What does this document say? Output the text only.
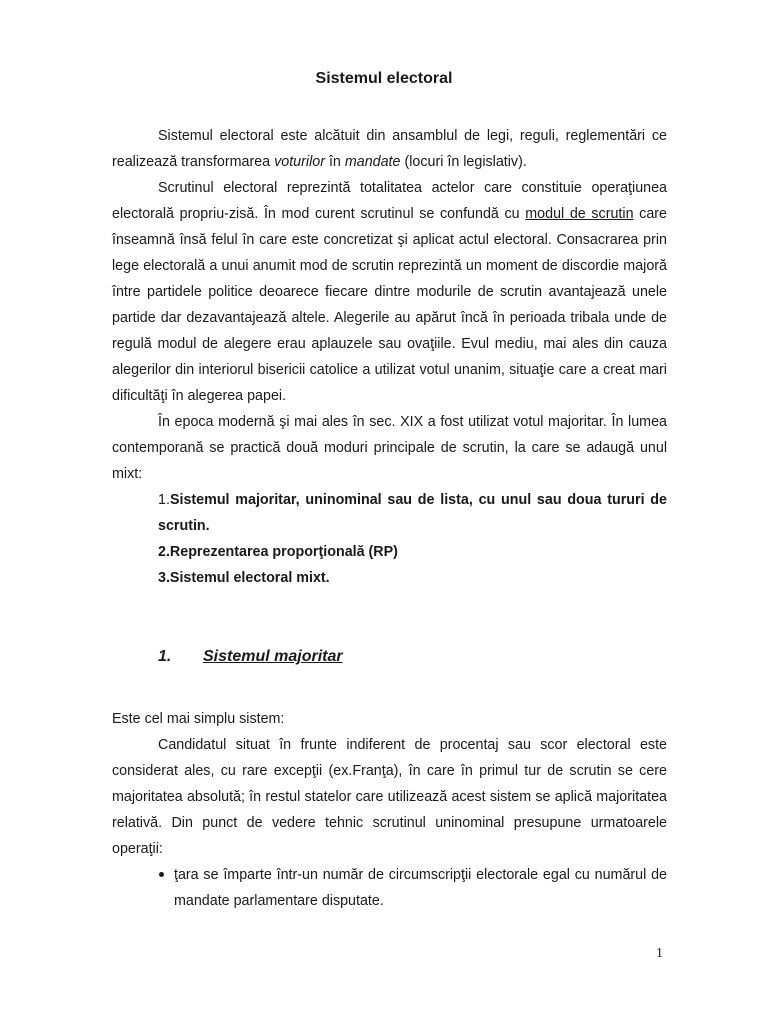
Sistemul electoral

Sistemul electoral este alcătuit din ansamblul de legi, reguli, reglementări ce realizează transformarea voturilor în mandate (locuri în legislativ).

Scrutinul electoral reprezintă totalitatea actelor care constituie operaţiunea electorală propriu-zisă. În mod curent scrutinul se confundă cu modul de scrutin care înseamnă însă felul în care este concretizat şi aplicat actul electoral. Consacrarea prin lege electorală a unui anumit mod de scrutin reprezintă un moment de discordie majoră între partidele politice deoarece fiecare dintre modurile de scrutin avantajează unele partide dar dezavantajează altele. Alegerile au apărut încă în perioada tribala unde de regulă modul de alegere erau aplauzele sau ovaţiile. Evul mediu, mai ales din cauza alegerilor din interiorul bisericii catolice a utilizat votul unanim, situaţie care a creat mari dificultăţi în alegerea papei.

În epoca modernă şi mai ales în sec. XIX a fost utilizat votul majoritar. În lumea contemporană se practică două moduri principale de scrutin, la care se adaugă unul mixt:

1.Sistemul majoritar, uninominal sau de lista, cu unul sau doua tururi de scrutin.

2.Reprezentarea proporţională (RP)

3.Sistemul electoral mixt.

1. Sistemul majoritar

Este cel mai simplu sistem:

Candidatul situat în frunte indiferent de procentaj sau scor electoral este considerat ales, cu rare excepţii (ex.Franţa), în care în primul tur de scrutin se cere majoritatea absolută; în restul statelor care utilizează acest sistem se aplică majoritatea relativă. Din punct de vedere tehnic scrutinul uninominal presupune urmatoarele operaţii:

ţara se împarte într-un număr de circumscripţii electorale egal cu numărul de mandate parlamentare disputate.
1
